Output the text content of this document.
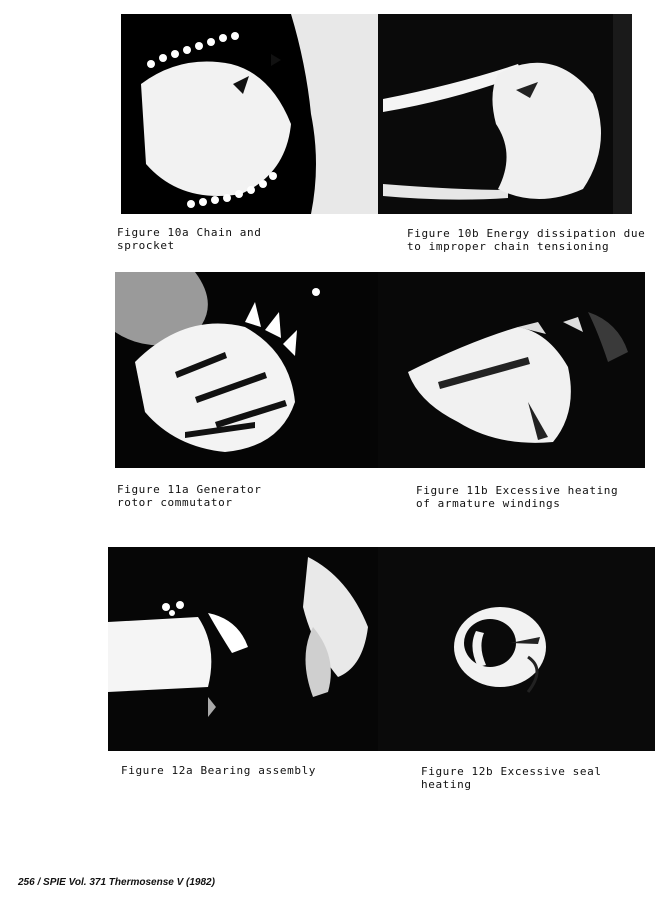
Figure 10a Chain and
sprocket
Figure 10b Energy dissipation due
to improper chain tensioning
Figure 11a Generator
rotor commutator
Figure 11b Excessive heating
of armature windings
Figure 12a Bearing assembly	Figure 12b Excessive seal
heating
256 / SPIE Vol. 371 Thermosense V (1982)
